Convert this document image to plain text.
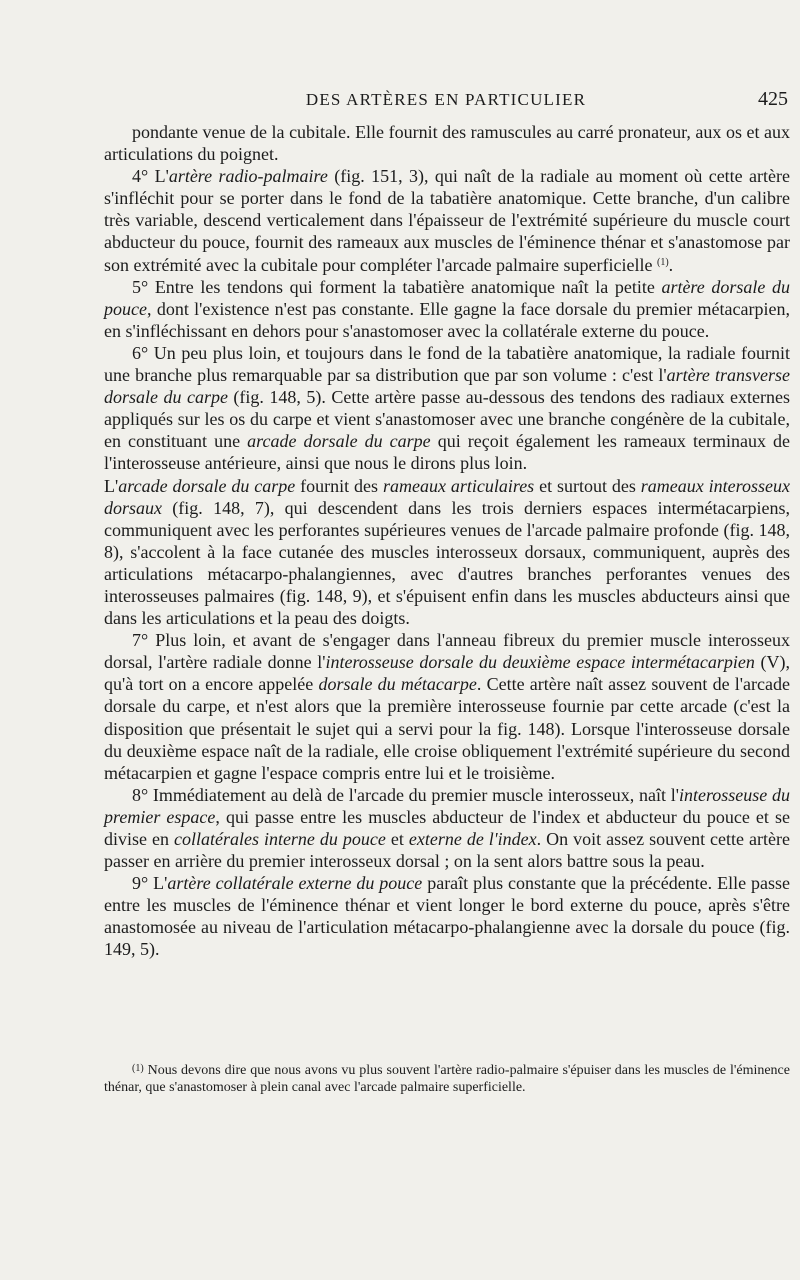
DES ARTÈRES EN PARTICULIER	425

pondante venue de la cubitale. Elle fournit des ramuscules au carré pronateur, aux os et aux articulations du poignet.

4° L'artère radio-palmaire (fig. 151, 3), qui naît de la radiale au moment où cette artère s'infléchit pour se porter dans le fond de la tabatière anatomique. Cette branche, d'un calibre très variable, descend verticalement dans l'épaisseur de l'extrémité supérieure du muscle court abducteur du pouce, fournit des rameaux aux muscles de l'éminence thénar et s'anastomose par son extrémité avec la cubitale pour compléter l'arcade palmaire superficielle $^{(1)}$.

5° Entre les tendons qui forment la tabatière anatomique naît la petite artère dorsale du pouce, dont l'existence n'est pas constante. Elle gagne la face dorsale du premier métacarpien, en s'infléchissant en dehors pour s'anastomoser avec la collatérale externe du pouce.

6° Un peu plus loin, et toujours dans le fond de la tabatière anatomique, la radiale fournit une branche plus remarquable par sa distribution que par son volume : c'est l'artère transverse dorsale du carpe (fig. 148, 5). Cette artère passe au-dessous des tendons des radiaux externes appliqués sur les os du carpe et vient s'anastomoser avec une branche congénère de la cubitale, en constituant une arcade dorsale du carpe qui reçoit également les rameaux terminaux de l'interosseuse antérieure, ainsi que nous le dirons plus loin.

L'arcade dorsale du carpe fournit des rameaux articulaires et surtout des rameaux interosseux dorsaux (fig. 148, 7), qui descendent dans les trois derniers espaces intermétacarpiens, communiquent avec les perforantes supérieures venues de l'arcade palmaire profonde (fig. 148, 8), s'accolent à la face cutanée des muscles interosseux dorsaux, communiquent, auprès des articulations métacarpo-phalangiennes, avec d'autres branches perforantes venues des interosseuses palmaires (fig. 148, 9), et s'épuisent enfin dans les muscles abducteurs ainsi que dans les articulations et la peau des doigts.

7° Plus loin, et avant de s'engager dans l'anneau fibreux du premier muscle interosseux dorsal, l'artère radiale donne l'interosseuse dorsale du deuxième espace intermétacarpien (V), qu'à tort on a encore appelée dorsale du métacarpe. Cette artère naît assez souvent de l'arcade dorsale du carpe, et n'est alors que la première interosseuse fournie par cette arcade (c'est la disposition que présentait le sujet qui a servi pour la fig. 148). Lorsque l'interosseuse dorsale du deuxième espace naît de la radiale, elle croise obliquement l'extrémité supérieure du second métacarpien et gagne l'espace compris entre lui et le troisième.

8° Immédiatement au delà de l'arcade du premier muscle interosseux, naît l'interosseuse du premier espace, qui passe entre les muscles abducteur de l'index et abducteur du pouce et se divise en collatérales interne du pouce et externe de l'index. On voit assez souvent cette artère passer en arrière du premier interosseux dorsal ; on la sent alors battre sous la peau.

9° L'artère collatérale externe du pouce paraît plus constante que la précédente. Elle passe entre les muscles de l'éminence thénar et vient longer le bord externe du pouce, après s'être anastomosée au niveau de l'articulation métacarpo-phalangienne avec la dorsale du pouce (fig. 149, 5).

$^{(1)}$ Nous devons dire que nous avons vu plus souvent l'artère radio-palmaire s'épuiser dans les muscles de l'éminence thénar, que s'anastomoser à plein canal avec l'arcade palmaire superficielle.
